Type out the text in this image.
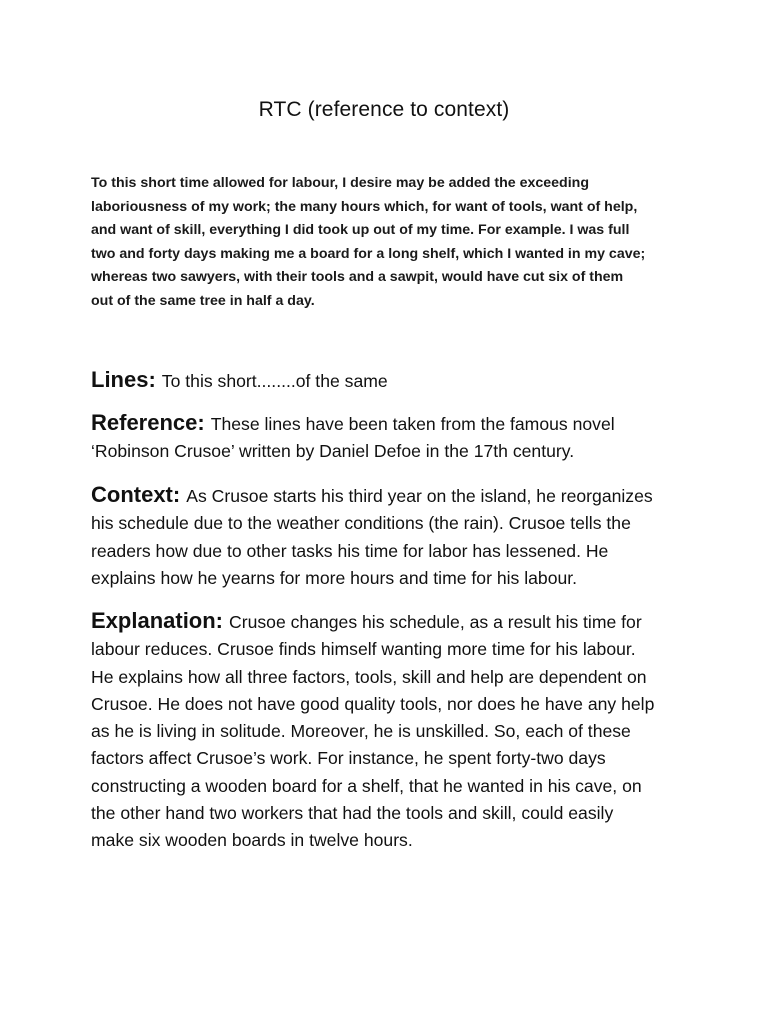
RTC (reference to context)
To this short time allowed for labour, I desire may be added the exceeding
laboriousness of my work; the many hours which, for want of tools, want of help,
and want of skill, everything I did took up out of my time. For example. I was full
two and forty days making me a board for a long shelf, which I wanted in my cave;
whereas two sawyers, with their tools and a sawpit, would have cut six of them
out of the same tree in half a day.
Lines: To this short........of the same
Reference: These lines have been taken from the famous novel
‘Robinson Crusoe’ written by Daniel Defoe in the 17th century.
Context: As Crusoe starts his third year on the island, he reorganizes
his schedule due to the weather conditions (the rain). Crusoe tells the
readers how due to other tasks his time for labor has lessened. He
explains how he yearns for more hours and time for his labour.
Explanation: Crusoe changes his schedule, as a result his time for
labour reduces. Crusoe finds himself wanting more time for his labour.
He explains how all three factors, tools, skill and help are dependent on
Crusoe. He does not have good quality tools, nor does he have any help
as he is living in solitude. Moreover, he is unskilled. So, each of these
factors affect Crusoe’s work. For instance, he spent forty-two days
constructing a wooden board for a shelf, that he wanted in his cave, on
the other hand two workers that had the tools and skill, could easily
make six wooden boards in twelve hours.
